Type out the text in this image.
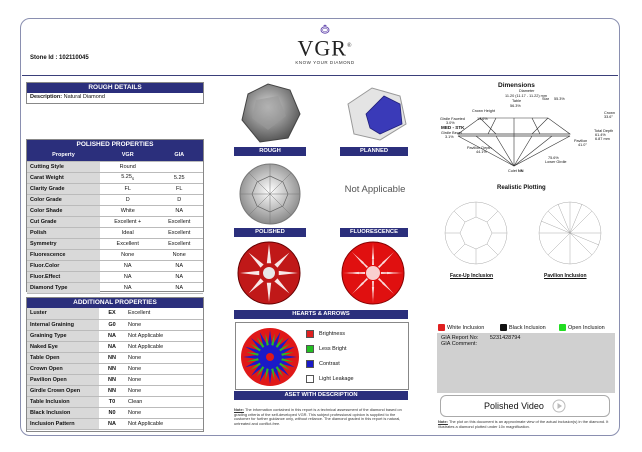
Stone Id : 102110045	VGR®
KNOW YOUR DIAMOND
ROUGH DETAILS
Description: Natural Diamond
POLISHED PROPERTIES
Property	VGR	GIA
Cutting Style	Round	
Carat Weight	$5.25_S$	5.25
Clarity Grade	FL	FL
Color Grade	D	D
Color Shade	White	NA
Cut Grade	Excellent +	Excellent
Polish	Ideal	Excellent
Symmetry	Excellent	Excellent
Fluorescence	None	None
Fluor.Color	NA	NA
Fluor.Effect	NA	NA
Diamond Type	NA	NA
ADDITIONAL PROPERTIES
Luster	EX	Excellent
Internal Graining	G0	None
Graining Type	NA	Not Applicable
Naked Eye	NA	Not Applicable
Table Open	NN	None
Crown Open	NN	None
Pavilion Open	NN	None
Girdle Crown Open	NN	None
Table Inclusion	T0	Clean
Black Inclusion	N0	None
Inclusion Pattern	NA	Not Applicable
ROUGH	PLANNED
POLISHED
Not Applicable
FLUORESCENCE
HEARTS & ARROWS
Brightness
Less Bright
Contrast
Light Leakage
ASET WITH DESCRIPTION
Note: The information contained in this report is a technical assessment of the diamond based on grading criteria of the self-developed VGR. This subject professional opinion is supplied to the customer for further guidance only, without reliance. The diamond graded in this report is natural, untreated and conflict-free.
Dimensions
Diameter
11.20 (11.17 - 11.22) mm
Table
56.3%
Star 55.3%
Crown Height
13.6%
Crown
33.6°
Girdle Faceted
3.0%
MED - STK
Girdle Bezel
3.1%
Total Depth
61.4%
6.87 mm
Pavilion
41.0°
Pavilion Depth
44.1%
75.6%
Lower Girdle
Culet NN
Realistic Plotting
Face-Up Inclusion	Pavilion Inclusion
White Inclusion	Black Inclusion	Open Inclusion
GIA Report No: 5231428794
GIA Comment:
Polished Video
Note: The plot on this document is an approximate view of the actual inclusion(s) in the diamond. It illustrates a diamond plotted under 10x magnification.
